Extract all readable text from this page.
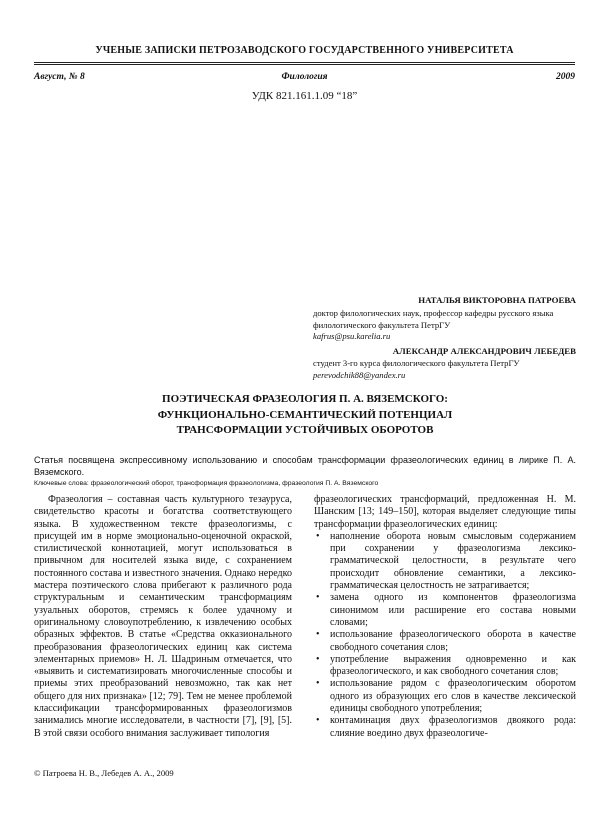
УЧЕНЫЕ ЗАПИСКИ ПЕТРОЗАВОДСКОГО ГОСУДАРСТВЕННОГО УНИВЕРСИТЕТА
Август, № 8	Филология	2009
УДК 821.161.1.09 “18”
НАТАЛЬЯ ВИКТОРОВНА ПАТРОЕВА
доктор филологических наук, профессор кафедры русского языка филологического факультета ПетрГУ
kafrus@psu.karelia.ru
АЛЕКСАНДР АЛЕКСАНДРОВИЧ ЛЕБЕДЕВ
студент 3-го курса филологического факультета ПетрГУ
perevodchik88@yandex.ru
ПОЭТИЧЕСКАЯ ФРАЗЕОЛОГИЯ П. А. ВЯЗЕМСКОГО:
ФУНКЦИОНАЛЬНО-СЕМАНТИЧЕСКИЙ ПОТЕНЦИАЛ
ТРАНСФОРМАЦИИ УСТОЙЧИВЫХ ОБОРОТОВ
Статья посвящена экспрессивному использованию и способам трансформации фразеологических единиц в лирике П. А. Вяземского.
Ключевые слова: фразеологический оборот, трансформация фразеологизма, фразеология П. А. Вяземского

Фразеология – составная часть культурного тезауруса, свидетельство красоты и богатства соответствующего языка. В художественном тексте фразеологизмы, с присущей им в норме эмоционально-оценочной окраской, стилистической коннотацией, могут использоваться в привычном для носителей языка виде, с сохранением постоянного состава и известного значения. Однако нередко мастера поэтического слова прибегают к различного рода структуральным и семантическим трансформациям узуальных оборотов, стремясь к более удачному и оригинальному словоупотреблению, к извлечению особых образных эффектов. В статье «Средства окказионального преобразования фразеологических единиц как система элементарных приемов» Н. Л. Шадриным отмечается, что «выявить и систематизировать многочисленные способы и приемы этих преобразований невозможно, так как нет общего для них признака» [12; 79]. Тем не менее проблемой классификации трансформированных фразеологизмов занимались многие исследователи, в частности [7], [9], [5]. В этой связи особого внимания заслуживает типология

фразеологических трансформаций, предложенная Н. М. Шанским [13; 149–150], которая выделяет следующие типы трансформации фразеологических единиц:

• наполнение оборота новым смысловым содержанием при сохранении у фразеологизма лексико-грамматической целостности, в результате чего происходит обновление семантики, а лексико-грамматическая целостность не затрагивается;
• замена одного из компонентов фразеологизма синонимом или расширение его состава новыми словами;
• использование фразеологического оборота в качестве свободного сочетания слов;
• употребление выражения одновременно и как фразеологического, и как свободного сочетания слов;
• использование рядом с фразеологическим оборотом одного из образующих его слов в качестве лексической единицы свободного употребления;
• контаминация двух фразеологизмов двоякого рода: слияние воедино двух фразеологиче-
© Патроева Н. В., Лебедев А. А., 2009
